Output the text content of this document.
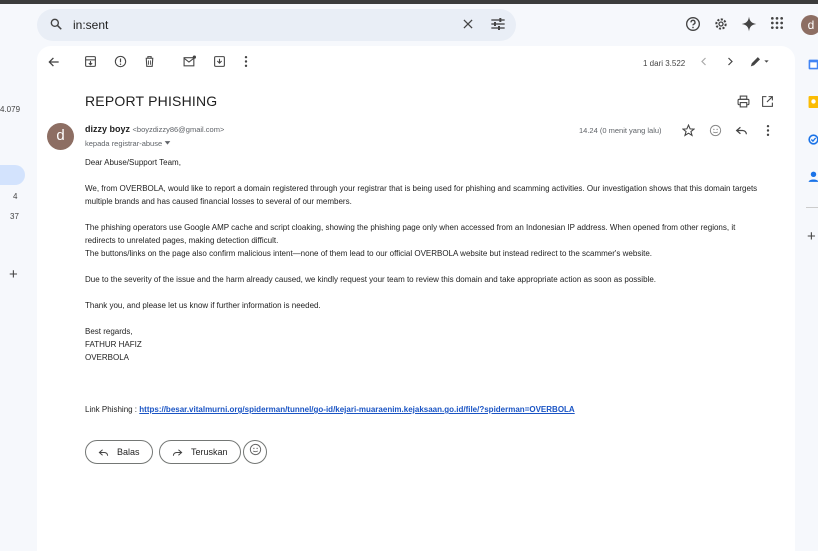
in:sent	d
4.079
4
37
+
1 dari 3.522
REPORT PHISHING
d	dizzy boyz <boyzdizzy86@gmail.com>
kepada registrar-abuse
14.24 (0 menit yang lalu)

Dear Abuse/Support Team,

We, from OVERBOLA, would like to report a domain registered through your registrar that is being used for phishing and scamming activities. Our investigation shows that this domain targets multiple brands and has caused financial losses to several of our members.

The phishing operators use Google AMP cache and script cloaking, showing the phishing page only when accessed from an Indonesian IP address. When opened from other regions, it redirects to unrelated pages, making detection difficult.

The buttons/links on the page also confirm malicious intent—none of them lead to our official OVERBOLA website but instead redirect to the scammer's website.

Due to the severity of the issue and the harm already caused, we kindly request your team to review this domain and take appropriate action as soon as possible.

Thank you, and please let us know if further information is needed.

Best regards,

FATHUR HAFIZ

OVERBOLA

Link Phishing : https://besar.vitalmurni.org/spiderman/tunnel/go-id/kejari-muaraenim.kejaksaan.go.id/file/?spiderman=OVERBOLA

Balas	Teruskan
+
